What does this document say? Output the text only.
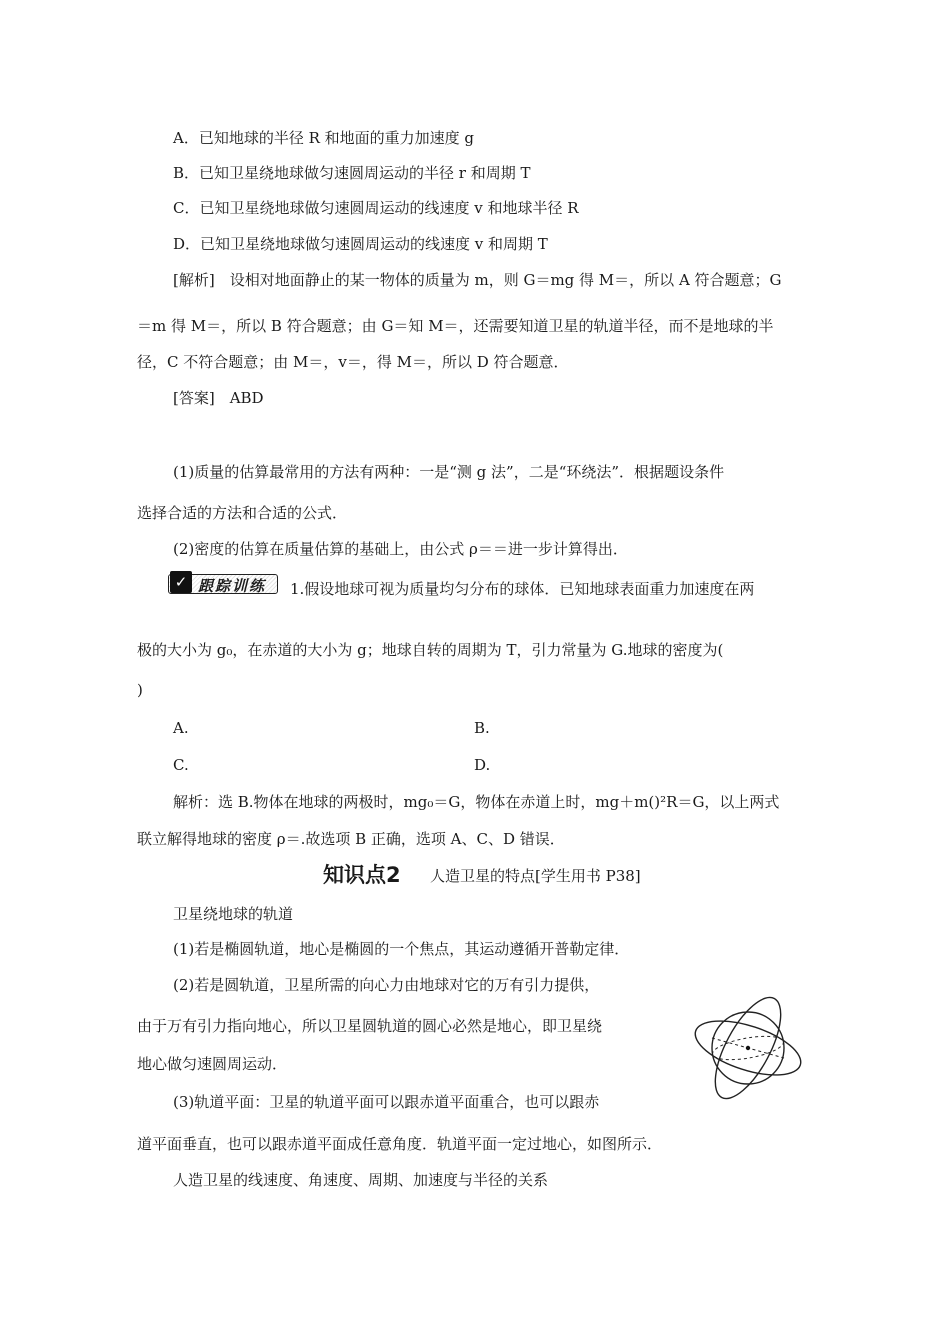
A．已知地球的半径 R 和地面的重力加速度 g
B．已知卫星绕地球做匀速圆周运动的半径 r 和周期 T
C．已知卫星绕地球做匀速圆周运动的线速度 v 和地球半径 R
D．已知卫星绕地球做匀速圆周运动的线速度 v 和周期 T
[解析]　设相对地面静止的某一物体的质量为 m，则 G＝mg 得 M＝，所以 A 符合题意；G
＝m 得 M＝，所以 B 符合题意；由 G＝知 M＝，还需要知道卫星的轨道半径，而不是地球的半
径，C 不符合题意；由 M＝，v＝，得 M＝，所以 D 符合题意．
[答案]　ABD
(1)质量的估算最常用的方法有两种：一是“测 g 法”，二是“环绕法”．根据题设条件
选择合适的方法和合适的公式．
(2)密度的估算在质量估算的基础上，由公式 ρ＝＝进一步计算得出．
✓ 跟踪训练 1.假设地球可视为质量均匀分布的球体．已知地球表面重力加速度在两
极的大小为 g₀，在赤道的大小为 g；地球自转的周期为 T，引力常量为 G.地球的密度为(
)
A.	B.
C.	D.
解析：选 B.物体在地球的两极时，mg₀＝G，物体在赤道上时，mg＋m()²R＝G，以上两式
联立解得地球的密度 ρ＝.故选项 B 正确，选项 A、C、D 错误．
知识点2 人造卫星的特点[学生用书 P38]
卫星绕地球的轨道
(1)若是椭圆轨道，地心是椭圆的一个焦点，其运动遵循开普勒定律．
(2)若是圆轨道，卫星所需的向心力由地球对它的万有引力提供，
由于万有引力指向地心，所以卫星圆轨道的圆心必然是地心，即卫星绕
地心做匀速圆周运动．
(3)轨道平面：卫星的轨道平面可以跟赤道平面重合，也可以跟赤
道平面垂直，也可以跟赤道平面成任意角度．轨道平面一定过地心，如图所示．
人造卫星的线速度、角速度、周期、加速度与半径的关系
